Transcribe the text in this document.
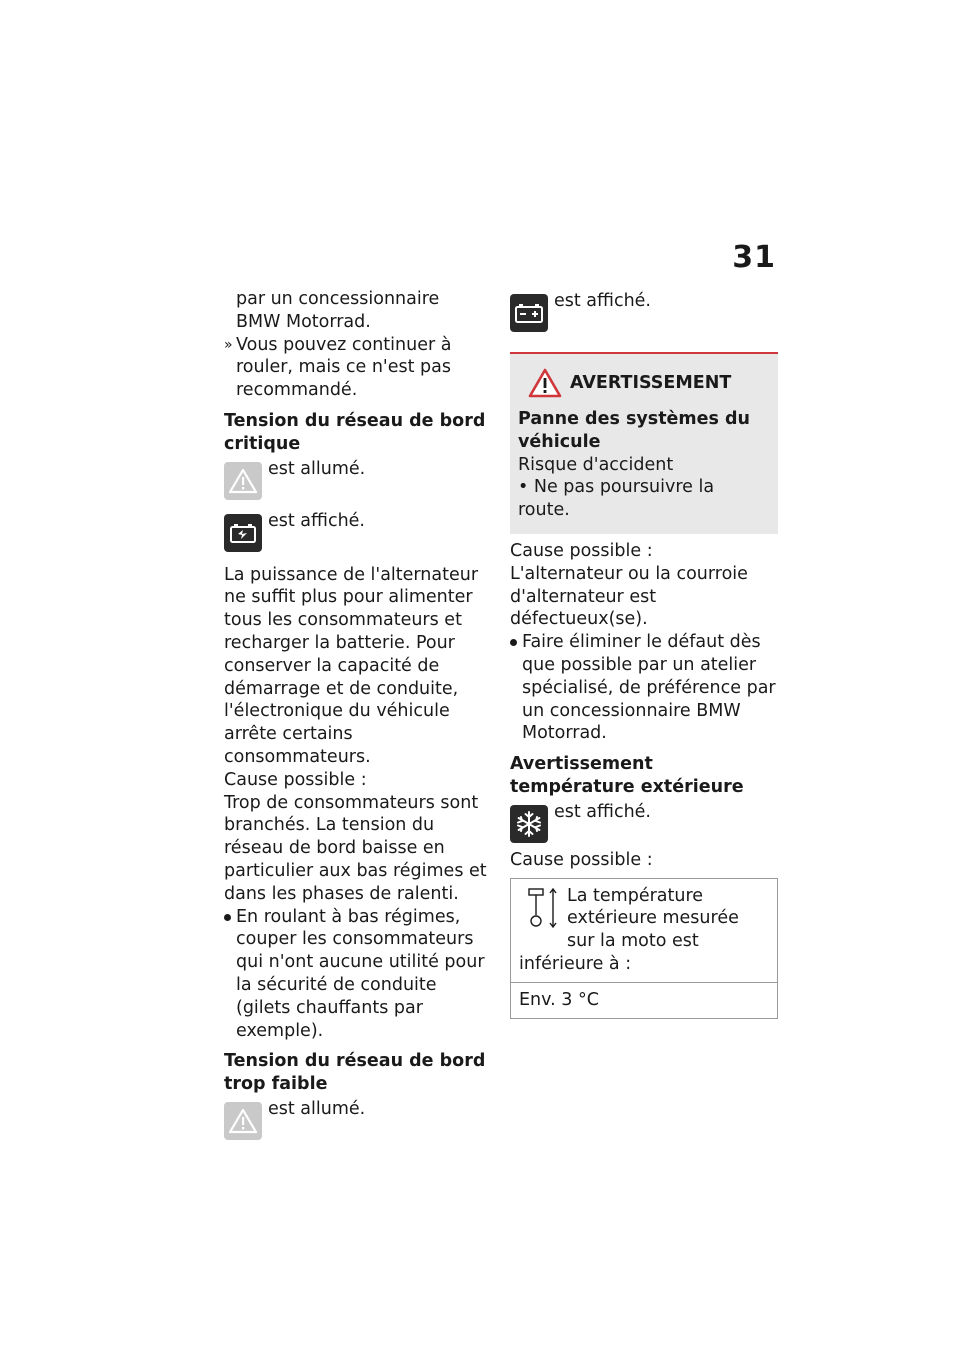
31

par un concessionnaire

BMW Motorrad.

» Vous pouvez continuer à rouler, mais ce n'est pas recommandé.

Tension du réseau de bord critique

est allumé.
est affiché.

La puissance de l'alternateur ne suffit plus pour alimenter tous les consommateurs et recharger la batterie. Pour conserver la capacité de démarrage et de conduite, l'électronique du véhicule arrête certains consommateurs.

Cause possible :

Trop de consommateurs sont branchés. La tension du réseau de bord baisse en particulier aux bas régimes et dans les phases de ralenti.

En roulant à bas régimes, couper les consommateurs qui n'ont aucune utilité pour la sécurité de conduite (gilets chauffants par exemple).

Tension du réseau de bord trop faible

est allumé.
est affiché.
AVERTISSEMENT

Panne des systèmes du véhicule

Risque d'accident

• Ne pas poursuivre la route.

Cause possible :

L'alternateur ou la courroie d'alternateur est défectueux(se).

Faire éliminer le défaut dès que possible par un atelier spécialisé, de préférence par un concessionnaire BMW Motorrad.

Avertissement température extérieure

est affiché.

Cause possible :

La température extérieure mesurée sur la moto est inférieure à :
Env. 3 °C
